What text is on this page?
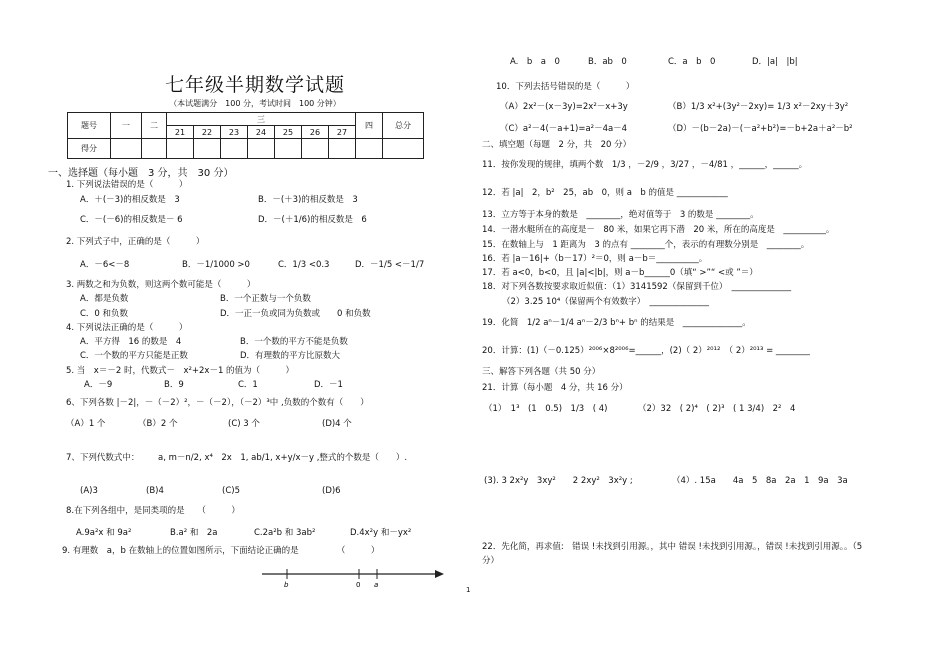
七年级半期数学试题
（本试题满分　100 分，考试时间　100 分钟）
题号	一	二	三							四	总分
			21	22	23	24	25	26	27		
得分											
一、选择题（每小题　3 分，共　30 分）
1. 下列说法错误的是（　　　）
A．＋(－3)的相反数是　3	B．－(＋3)的相反数是　3
C．－(－6)的相反数是－ 6	D．－(＋1/6)的相反数是　6
2. 下列式子中，正确的是（　　　）
A．－6<－8	B．－1/1000 >0	C．1/3 <0.3	D．－1/5 <－1/7
3. 两数之和为负数，则这两个数可能是（　　　）
A．都是负数	B．一个正数与一个负数
C．0 和负数	D．一正一负或同为负数或　　0 和负数
4. 下列说法正确的是（　　　）
A．平方得　16 的数是　4	B．一个数的平方不能是负数
C．一个数的平方只能是正数	D．有理数的平方比原数大
5. 当　x＝－2 时，代数式－　x²+2x－1 的值为（　　　）
A．－9	B．9	C．1	D．－1
6、下列各数 |－2|，－（－2）²，－（－2），（－2）³中 ,负数的个数有（　　）
（A）1 个	（B）2 个	(C) 3 个	(D)4 个
7、下列代数式中： a, m－n/2, x⁴　2x　1, ab/1, x+y/x－y ,整式的个数是（　　）.
(A)3	(B)4	(C)5	(D)6
8.在下列各组中，是同类项的是　　（　　　）
A.9a²x 和 9a²	B.a² 和　2a	C.2a²b 和 3ab²	D.4x²y 和－yx²
9. 有理数　a，b 在数轴上的位置如图所示，下面结论正确的是　　　　　（　　　）
b	0 a
A.　b　a　0	B．ab　0	C．a　b　0	D．|a|　|b|
10．下列去括号错误的是（　　　）
（A）2x²－(x－3y)=2x²－x+3y	（B）1/3 x²+(3y²－2xy)= 1/3 x²－2xy＋3y²
（C）a²－4(－a+1)=a²－4a－4	（D）－(b－2a)－(－a²+b²)=－b+2a＋a²－b²
二、填空题（每题　2 分，共　20 分）
11．按你发现的规律，填两个数　1/3 ，－2/9 ，3/27 ，－4/81 ，______，______。
12．若 |a|　2，b²　25，ab　0，则 a　b 的值是 ____________
13．立方等于本身的数是　________，绝对值等于　3 的数是 ________。
14．一潜水艇所在的高度是－　80 米，如果它再下潜　20 米，所在的高度是　__________。
15．在数轴上与　1 距离为　3 的点有 ________个，表示的有理数分别是　________。
16．若 |a－16|+（b－17）²＝0，则 a－b＝__________。
17．若 a<0，b<0，且 |a|<|b|，则 a－b______0（填“ >”“ <或 ”＝）
18．对下列各数按要求取近似值：（1）3141592（保留到千位）　______________
（2）3.25 10⁴（保留两个有效数字）　______________
19．化简　1/2 aⁿ－1/4 aⁿ－2/3 bⁿ+ bⁿ 的结果是　______________。
20．计算：(1)（－0.125）²⁰⁰⁶×8²⁰⁰⁶=______，(2)（ 2）²⁰¹²　（ 2）²⁰¹³ = ________
三、解答下列各题（共 50 分）
21．计算（每小题　4 分，共 16 分）
（1）　1³　(1　0.5)　1/3　( 4)	（2）32　( 2)⁴　( 2)³　( 1 3/4)　2²　4
(3). 3 2x²y　3xy²　　2 2xy²　3x²y ;	（4）. 15a　　4a　5　8a　2a　1　9a　3a
22．先化简，再求值:　错误 !未找到引用源。，其中 错误 !未找到引用源。，错误 !未找到引用源。。（5
分）
1
